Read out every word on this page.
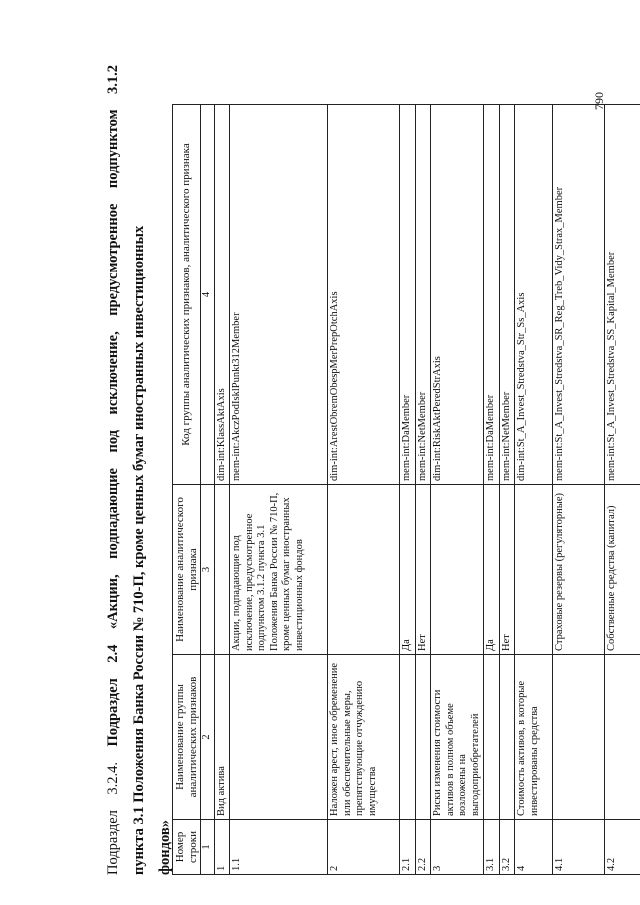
Подраздел 3.2.4. Подраздел 2.4 «Акции, подпадающие под исключение, предусмотренное подпунктом 3.1.2 пункта 3.1 Положения Банка России № 710-П, кроме ценных бумаг иностранных инвестиционных фондов» Номер строки	Наименование группы аналитических признаков	Наименование аналитического признака	Код группы аналитических признаков, аналитического признака
1	2	3	4
1	Вид актива		dim-int:KlassAktAxis
1.1		Акции, подпадающие под исключение, предусмотренное подпунктом 3.1.2 пункта 3.1 Положения Банка России № 710-П, кроме ценных бумаг иностранных инвестиционных фондов	mem-int:AkczPodIsklPunkt312Member
2	Наложен арест, иное обременение или обеспечительные меры, препятствующие отчуждению имущества		dim-int:ArestObremObespMerPrepOtchAxis
2.1		Да	mem-int:DaMember
2.2		Нет	mem-int:NetMember
3	Риски изменения стоимости активов в полном объеме возложены на выгодоприобретателей		dim-int:RiskAktPeredStrAxis
3.1		Да	mem-int:DaMember
3.2		Нет	mem-int:NetMember
4	Стоимость активов, в которые инвестированы средства		dim-int:St_A_Invest_Stredstva_Str_Ss_Axis
4.1		Страховые резервы (регуляторные)	mem-int:St_A_Invest_Stredstva_SR_Reg_Treb_Vidy_Strax_Member
4.2		Собственные средства (капитал)	mem-int:St_A_Invest_Stredstva_SS_Kapital_Member
790
